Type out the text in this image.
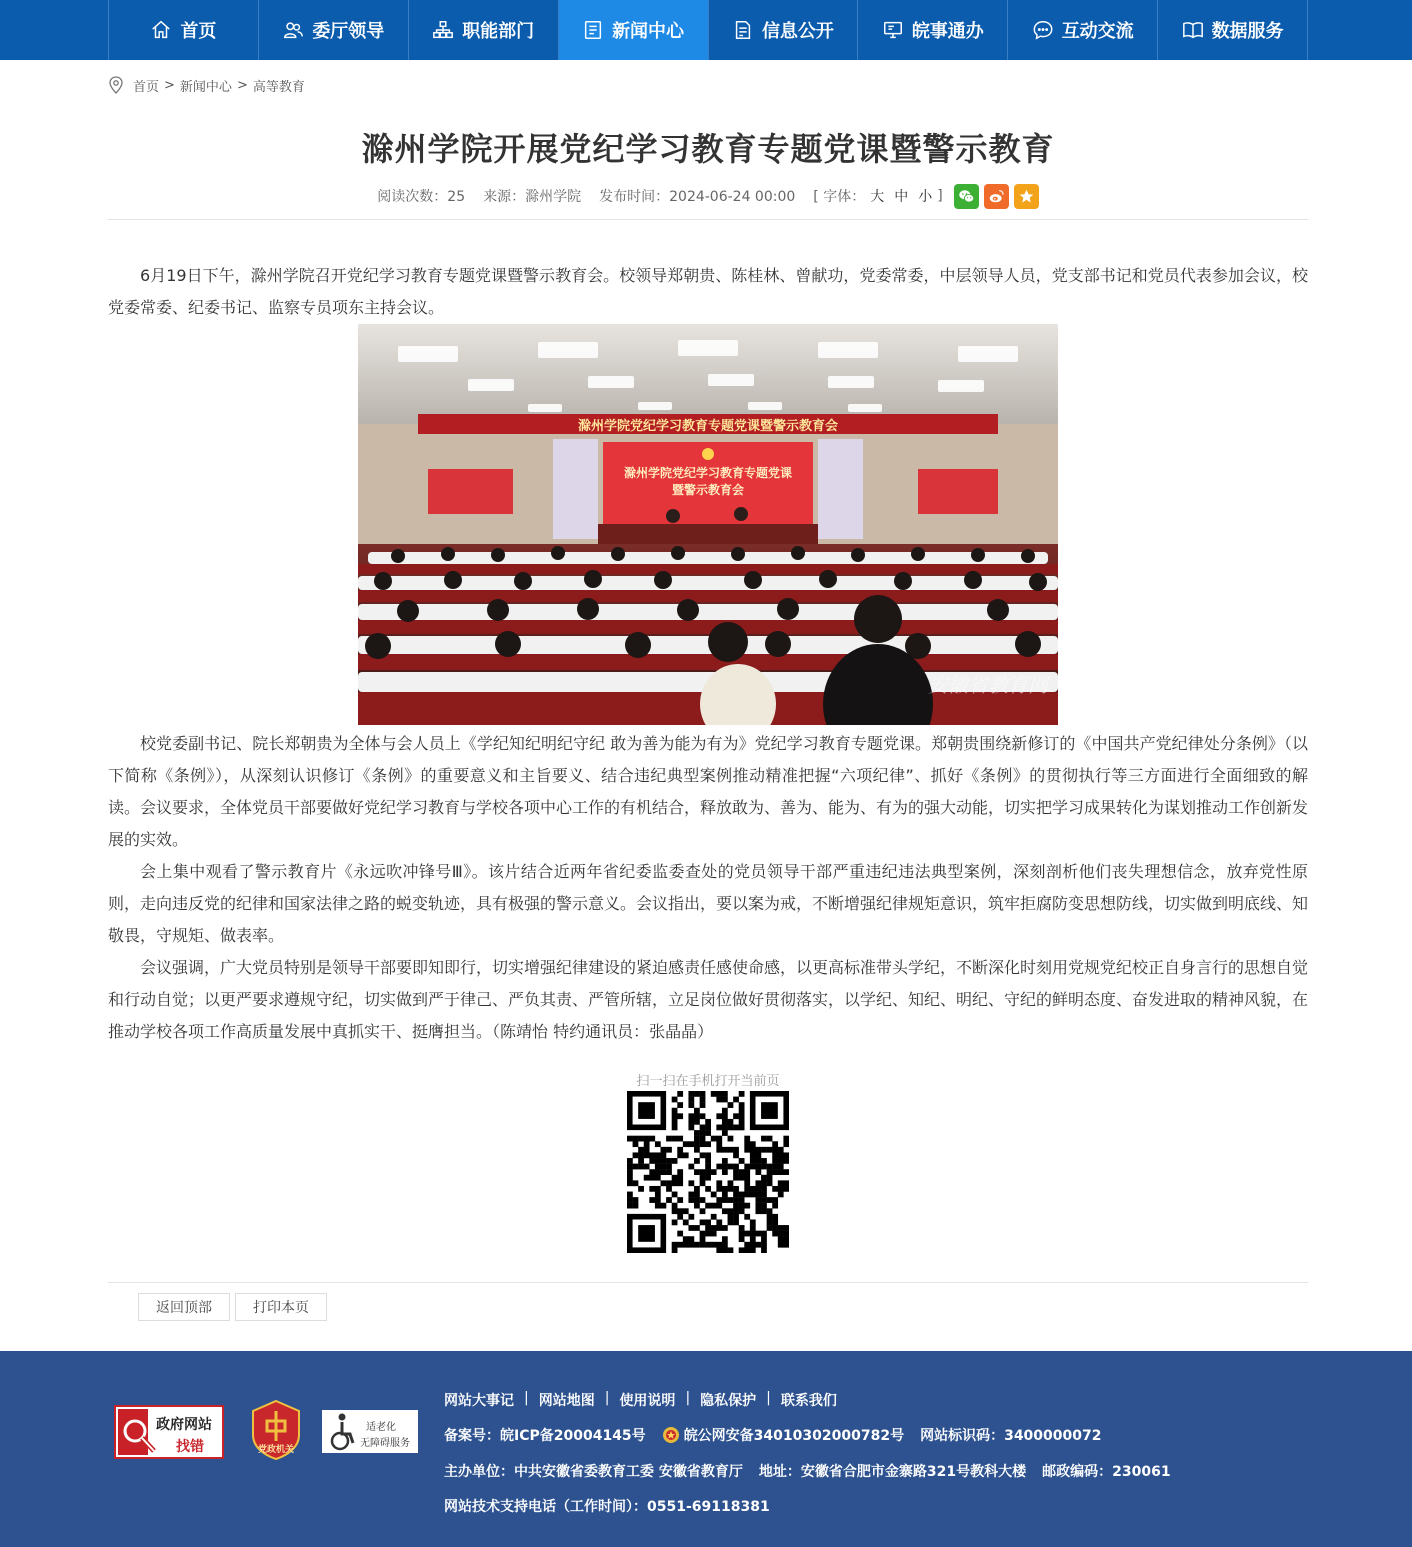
首页	委厅领导	职能部门	新闻中心	信息公开	皖事通办	互动交流	数据服务
首页 > 新闻中心 > 高等教育
滁州学院开展党纪学习教育专题党课暨警示教育
阅读次数：25 来源：滁州学院 发布时间：2024-06-24 00:00 [ 字体： 大 中 小 ]

6月19日下午，滁州学院召开党纪学习教育专题党课暨警示教育会。校领导郑朝贵、陈桂林、曾献功，党委常委，中层领导人员，党支部书记和党员代表参加会议，校党委常委、纪委书记、监察专员项东主持会议。

滁州学院党纪学习教育专题党课暨警示教育会
滁州学院党纪学习教育专题党课
暨警示教育会
安徽省教育网

校党委副书记、院长郑朝贵为全体与会人员上《学纪知纪明纪守纪 敢为善为能为有为》党纪学习教育专题党课。郑朝贵围绕新修订的《中国共产党纪律处分条例》（以下简称《条例》），从深刻认识修订《条例》的重要意义和主旨要义、结合违纪典型案例推动精准把握“六项纪律”、抓好《条例》的贯彻执行等三方面进行全面细致的解读。会议要求，全体党员干部要做好党纪学习教育与学校各项中心工作的有机结合，释放敢为、善为、能为、有为的强大动能，切实把学习成果转化为谋划推动工作创新发展的实效。

会上集中观看了警示教育片《永远吹冲锋号Ⅲ》。该片结合近两年省纪委监委查处的党员领导干部严重违纪违法典型案例，深刻剖析他们丧失理想信念，放弃党性原则，走向违反党的纪律和国家法律之路的蜕变轨迹，具有极强的警示意义。会议指出，要以案为戒，不断增强纪律规矩意识，筑牢拒腐防变思想防线，切实做到明底线、知敬畏，守规矩、做表率。

会议强调，广大党员特别是领导干部要即知即行，切实增强纪律建设的紧迫感责任感使命感，以更高标准带头学纪，不断深化时刻用党规党纪校正自身言行的思想自觉和行动自觉；以更严要求遵规守纪，切实做到严于律己、严负其责、严管所辖，立足岗位做好贯彻落实，以学纪、知纪、明纪、守纪的鲜明态度、奋发进取的精神风貌，在推动学校各项工作高质量发展中真抓实干、挺膺担当。（陈靖怡 特约通讯员：张晶晶）

扫一扫在手机打开当前页
返回顶部	打印本页
政府网站
找错	党政机关
适老化
无障碍服务
网站大事记 | 网站地图 | 使用说明 | 隐私保护 | 联系我们
备案号：皖ICP备20004145号	皖公网安备34010302000782号 网站标识码：3400000072
主办单位：中共安徽省委教育工委 安徽省教育厅 地址：安徽省合肥市金寨路321号教科大楼 邮政编码：230061
网站技术支持电话（工作时间）：0551-69118381
